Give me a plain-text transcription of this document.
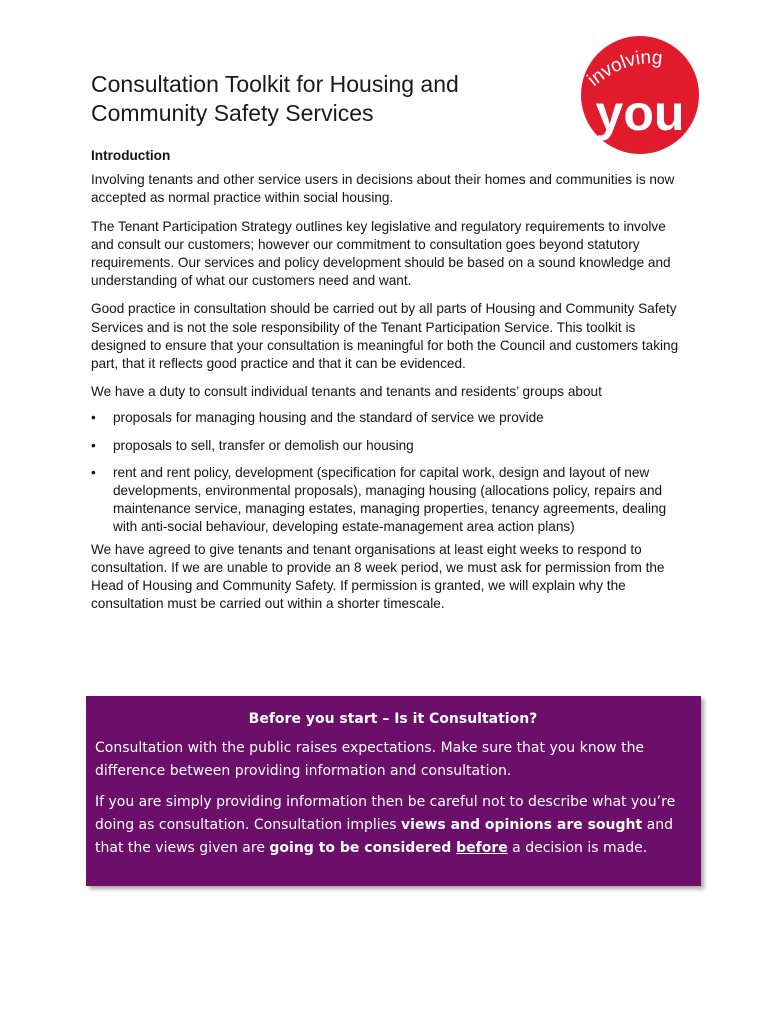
Consultation Toolkit for Housing and
Community Safety Services
involving
you
Introduction

Involving tenants and other service users in decisions about their homes and communities is now accepted as normal practice within social housing.

The Tenant Participation Strategy outlines key legislative and regulatory requirements to involve and consult our customers; however our commitment to consultation goes beyond statutory requirements. Our services and policy development should be based on a sound knowledge and understanding of what our customers need and want.

Good practice in consultation should be carried out by all parts of Housing and Community Safety Services and is not the sole responsibility of the Tenant Participation Service. This toolkit is designed to ensure that your consultation is meaningful for both the Council and customers taking part, that it reflects good practice and that it can be evidenced.

We have a duty to consult individual tenants and tenants and residents’ groups about

• proposals for managing housing and the standard of service we provide
• proposals to sell, transfer or demolish our housing
• rent and rent policy, development (specification for capital work, design and layout of new developments, environmental proposals), managing housing (allocations policy, repairs and maintenance service, managing estates, managing properties, tenancy agreements, dealing with anti-social behaviour, developing estate-management area action plans)

We have agreed to give tenants and tenant organisations at least eight weeks to respond to consultation. If we are unable to provide an 8 week period, we must ask for permission from the Head of Housing and Community Safety. If permission is granted, we will explain why the consultation must be carried out within a shorter timescale.

Before you start – Is it Consultation?

Consultation with the public raises expectations. Make sure that you know the difference between providing information and consultation.

If you are simply providing information then be careful not to describe what you’re doing as consultation. Consultation implies views and opinions are sought and that the views given are going to be considered before a decision is made.
